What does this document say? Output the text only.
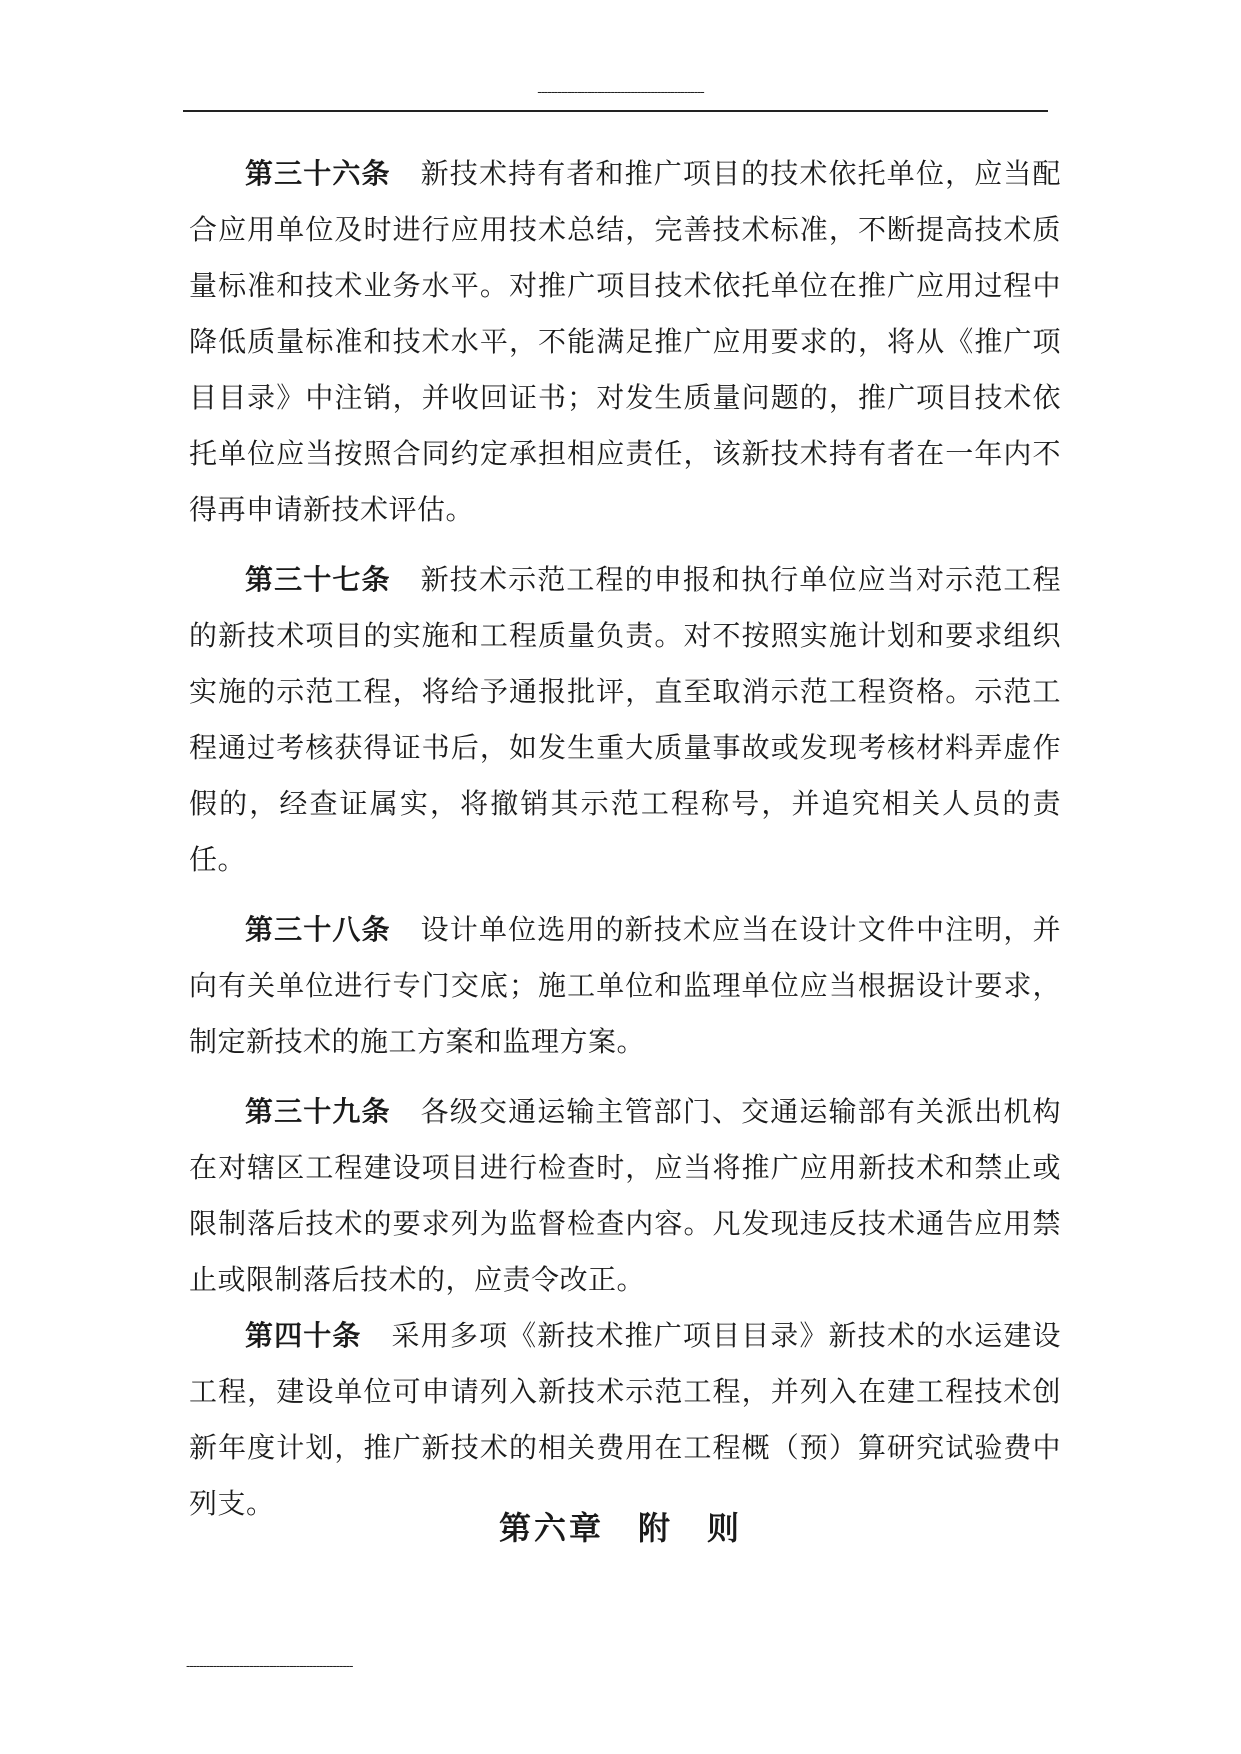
--------------------------------------------------

第三十六条 新技术持有者和推广项目的技术依托单位，应当配合应用单位及时进行应用技术总结，完善技术标准，不断提高技术质量标准和技术业务水平。对推广项目技术依托单位在推广应用过程中降低质量标准和技术水平，不能满足推广应用要求的，将从《推广项目目录》中注销，并收回证书；对发生质量问题的，推广项目技术依托单位应当按照合同约定承担相应责任，该新技术持有者在一年内不得再申请新技术评估。

第三十七条 新技术示范工程的申报和执行单位应当对示范工程的新技术项目的实施和工程质量负责。对不按照实施计划和要求组织实施的示范工程，将给予通报批评，直至取消示范工程资格。示范工程通过考核获得证书后，如发生重大质量事故或发现考核材料弄虚作假的，经查证属实，将撤销其示范工程称号，并追究相关人员的责任。

第三十八条 设计单位选用的新技术应当在设计文件中注明，并向有关单位进行专门交底；施工单位和监理单位应当根据设计要求，制定新技术的施工方案和监理方案。

第三十九条 各级交通运输主管部门、交通运输部有关派出机构在对辖区工程建设项目进行检查时，应当将推广应用新技术和禁止或限制落后技术的要求列为监督检查内容。凡发现违反技术通告应用禁止或限制落后技术的，应责令改正。

第四十条 采用多项《新技术推广项目目录》新技术的水运建设工程，建设单位可申请列入新技术示范工程，并列入在建工程技术创新年度计划，推广新技术的相关费用在工程概（预）算研究试验费中列支。

第六章 附 则
--------------------------------------------------
